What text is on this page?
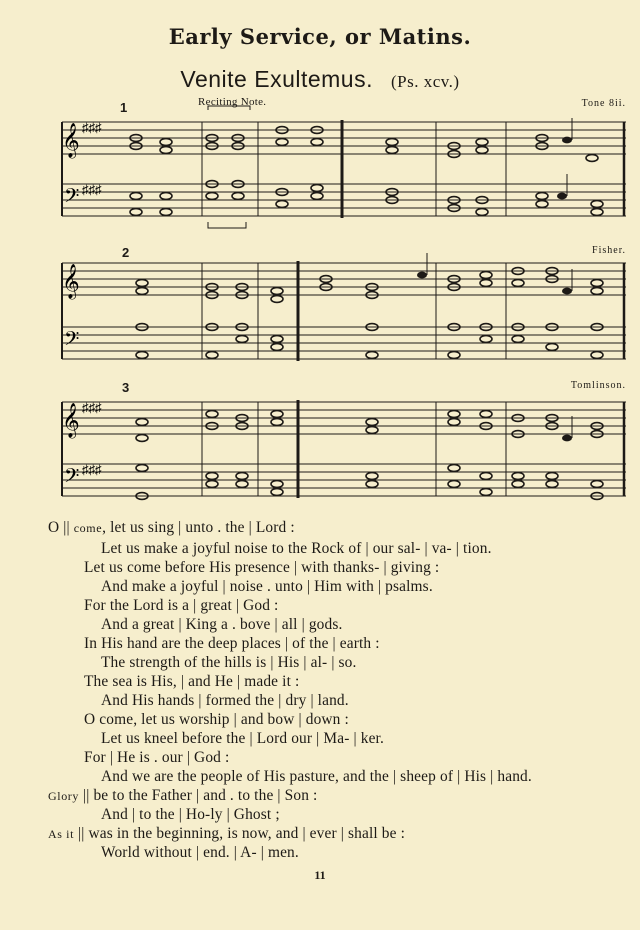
Early Service, or Matins.
Venite Exultemus. (Ps. xcv.)
1	Reciting Note.	Tone 8ii.
𝄞
𝄢
♯♯♯
♯♯♯
2	Fisher.
𝄞
𝄢
3	Tomlinson.
𝄞
𝄢
♯♯♯
♯♯♯
O || come, let us sing | unto . the | Lord :
Let us make a joyful noise to the Rock of | our sal- | va- | tion.
Let us come before His presence | with thanks- | giving :
And make a joyful | noise . unto | Him with | psalms.
For the Lord is a | great | God :
And a great | King a . bove | all | gods.
In His hand are the deep places | of the | earth :
The strength of the hills is | His | al- | so.
The sea is His, | and He | made it :
And His hands | formed the | dry | land.
O come, let us worship | and bow | down :
Let us kneel before the | Lord our | Ma- | ker.
For | He is . our | God :
And we are the people of His pasture, and the | sheep of | His | hand.
Glory || be to the Father | and . to the | Son :
And | to the | Ho-ly | Ghost ;
As it || was in the beginning, is now, and | ever | shall be :
World without | end. | A- | men.
11
